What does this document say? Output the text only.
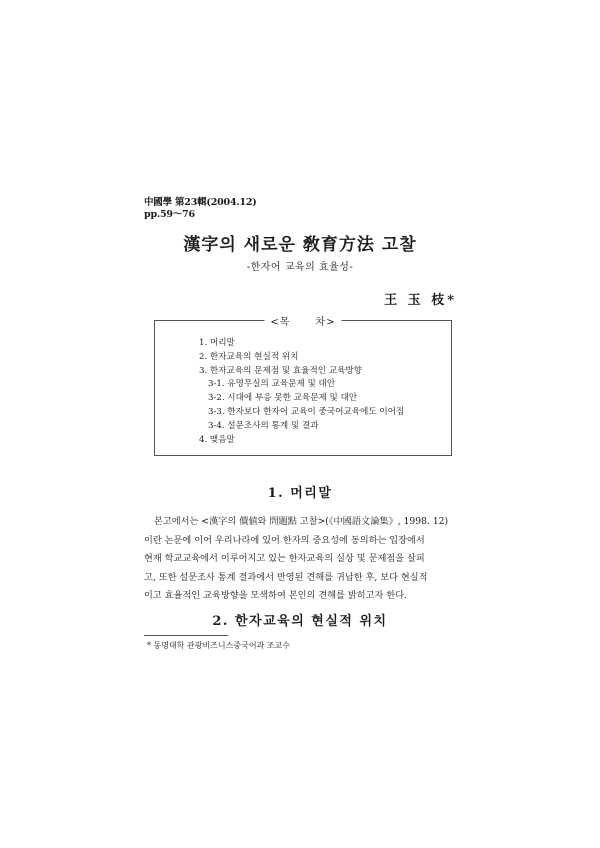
中國學 第23輯(2004.12)
pp.59～76
漢字의 새로운 敎育方法 고찰
-한자어 교육의 효율성-
王 玉 枝*
<목      차>
1. 머리말
2. 한자교육의 현실적 위치
3. 한자교육의 문제점 및 효율적인 교육방향
3-1. 유명무실의 교육문제 및 대안
3-2. 시대에 부응 못한 교육문제 및 대안
3-3. 한자보다 한자어 교육이 중국어교육에도 이어짐
3-4. 설문조사의 통계 및 결과
4. 맺음말
1. 머리말
본고에서는 <漢字의 價値와 問題點 고찰>(《中國語文論集》, 1998. 12)
이란 논문에 이어 우리나라에 있어 한자의 중요성에 동의하는 입장에서
현재 학교교육에서 이루어지고 있는 한자교육의 실상 및 문제점을 살피
고, 또한 설문조사 통계 결과에서 반영된 견해를 귀납한 후, 보다 현실적
이고 효율적인 교육방향을 모색하여 본인의 견해를 밝히고자 한다.
2. 한자교육의 현실적 위치
* 동명대학 관광비즈니스중국어과 조교수
